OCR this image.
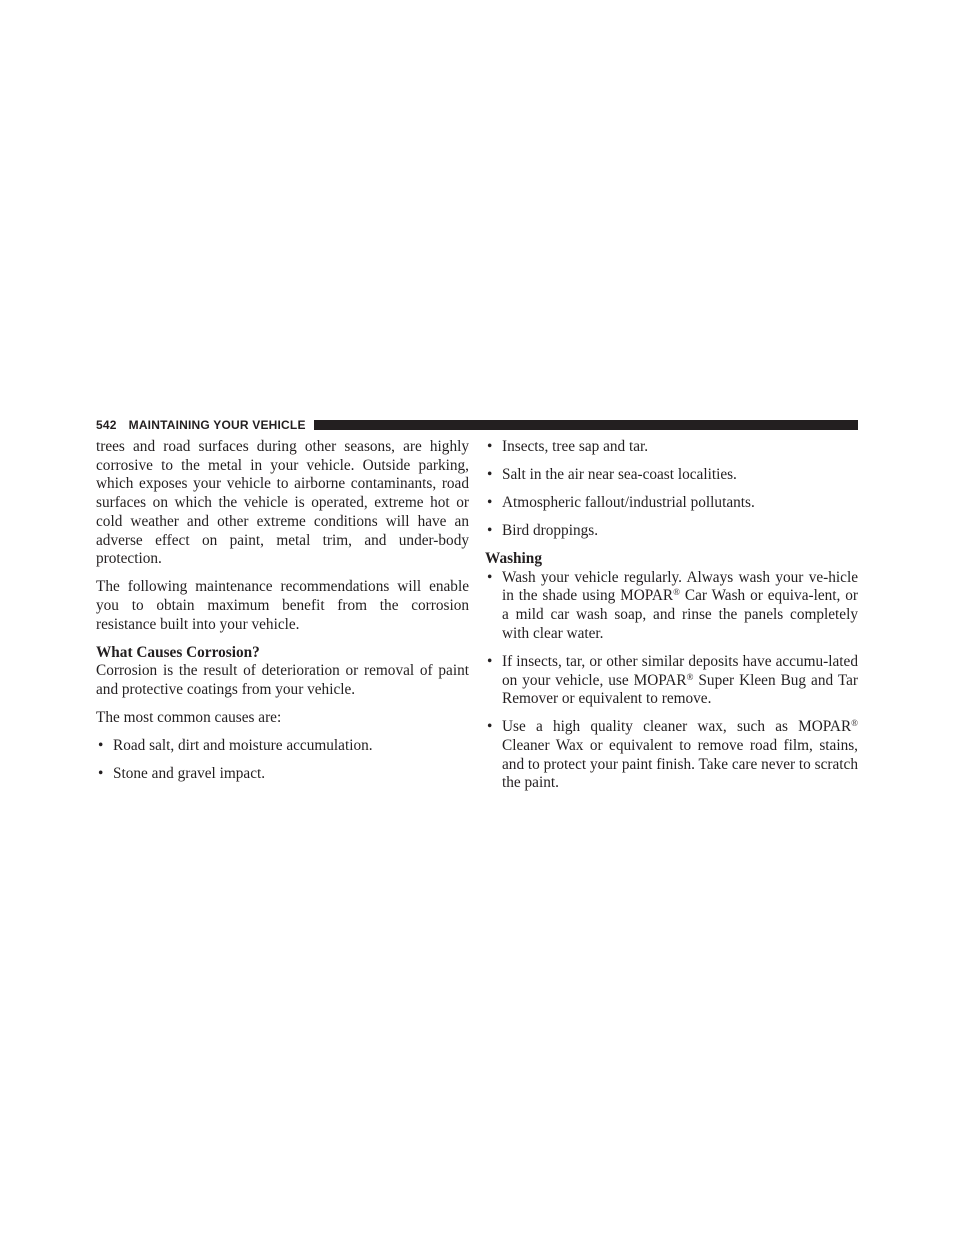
542 MAINTAINING YOUR VEHICLE

trees and road surfaces during other seasons, are highly corrosive to the metal in your vehicle. Outside parking, which exposes your vehicle to airborne contaminants, road surfaces on which the vehicle is operated, extreme hot or cold weather and other extreme conditions will have an adverse effect on paint, metal trim, and under-body protection.

The following maintenance recommendations will enable you to obtain maximum benefit from the corrosion resistance built into your vehicle.

What Causes Corrosion?

Corrosion is the result of deterioration or removal of paint and protective coatings from your vehicle.

The most common causes are:

• Road salt, dirt and moisture accumulation.
• Stone and gravel impact.
• Insects, tree sap and tar.
• Salt in the air near sea-coast localities.
• Atmospheric fallout/industrial pollutants.
• Bird droppings.
Washing
• Wash your vehicle regularly. Always wash your ve-hicle in the shade using MOPAR® Car Wash or equiva-lent, or a mild car wash soap, and rinse the panels completely with clear water.
• If insects, tar, or other similar deposits have accumu-lated on your vehicle, use MOPAR® Super Kleen Bug and Tar Remover or equivalent to remove.
• Use a high quality cleaner wax, such as MOPAR® Cleaner Wax or equivalent to remove road film, stains, and to protect your paint finish. Take care never to scratch the paint.
